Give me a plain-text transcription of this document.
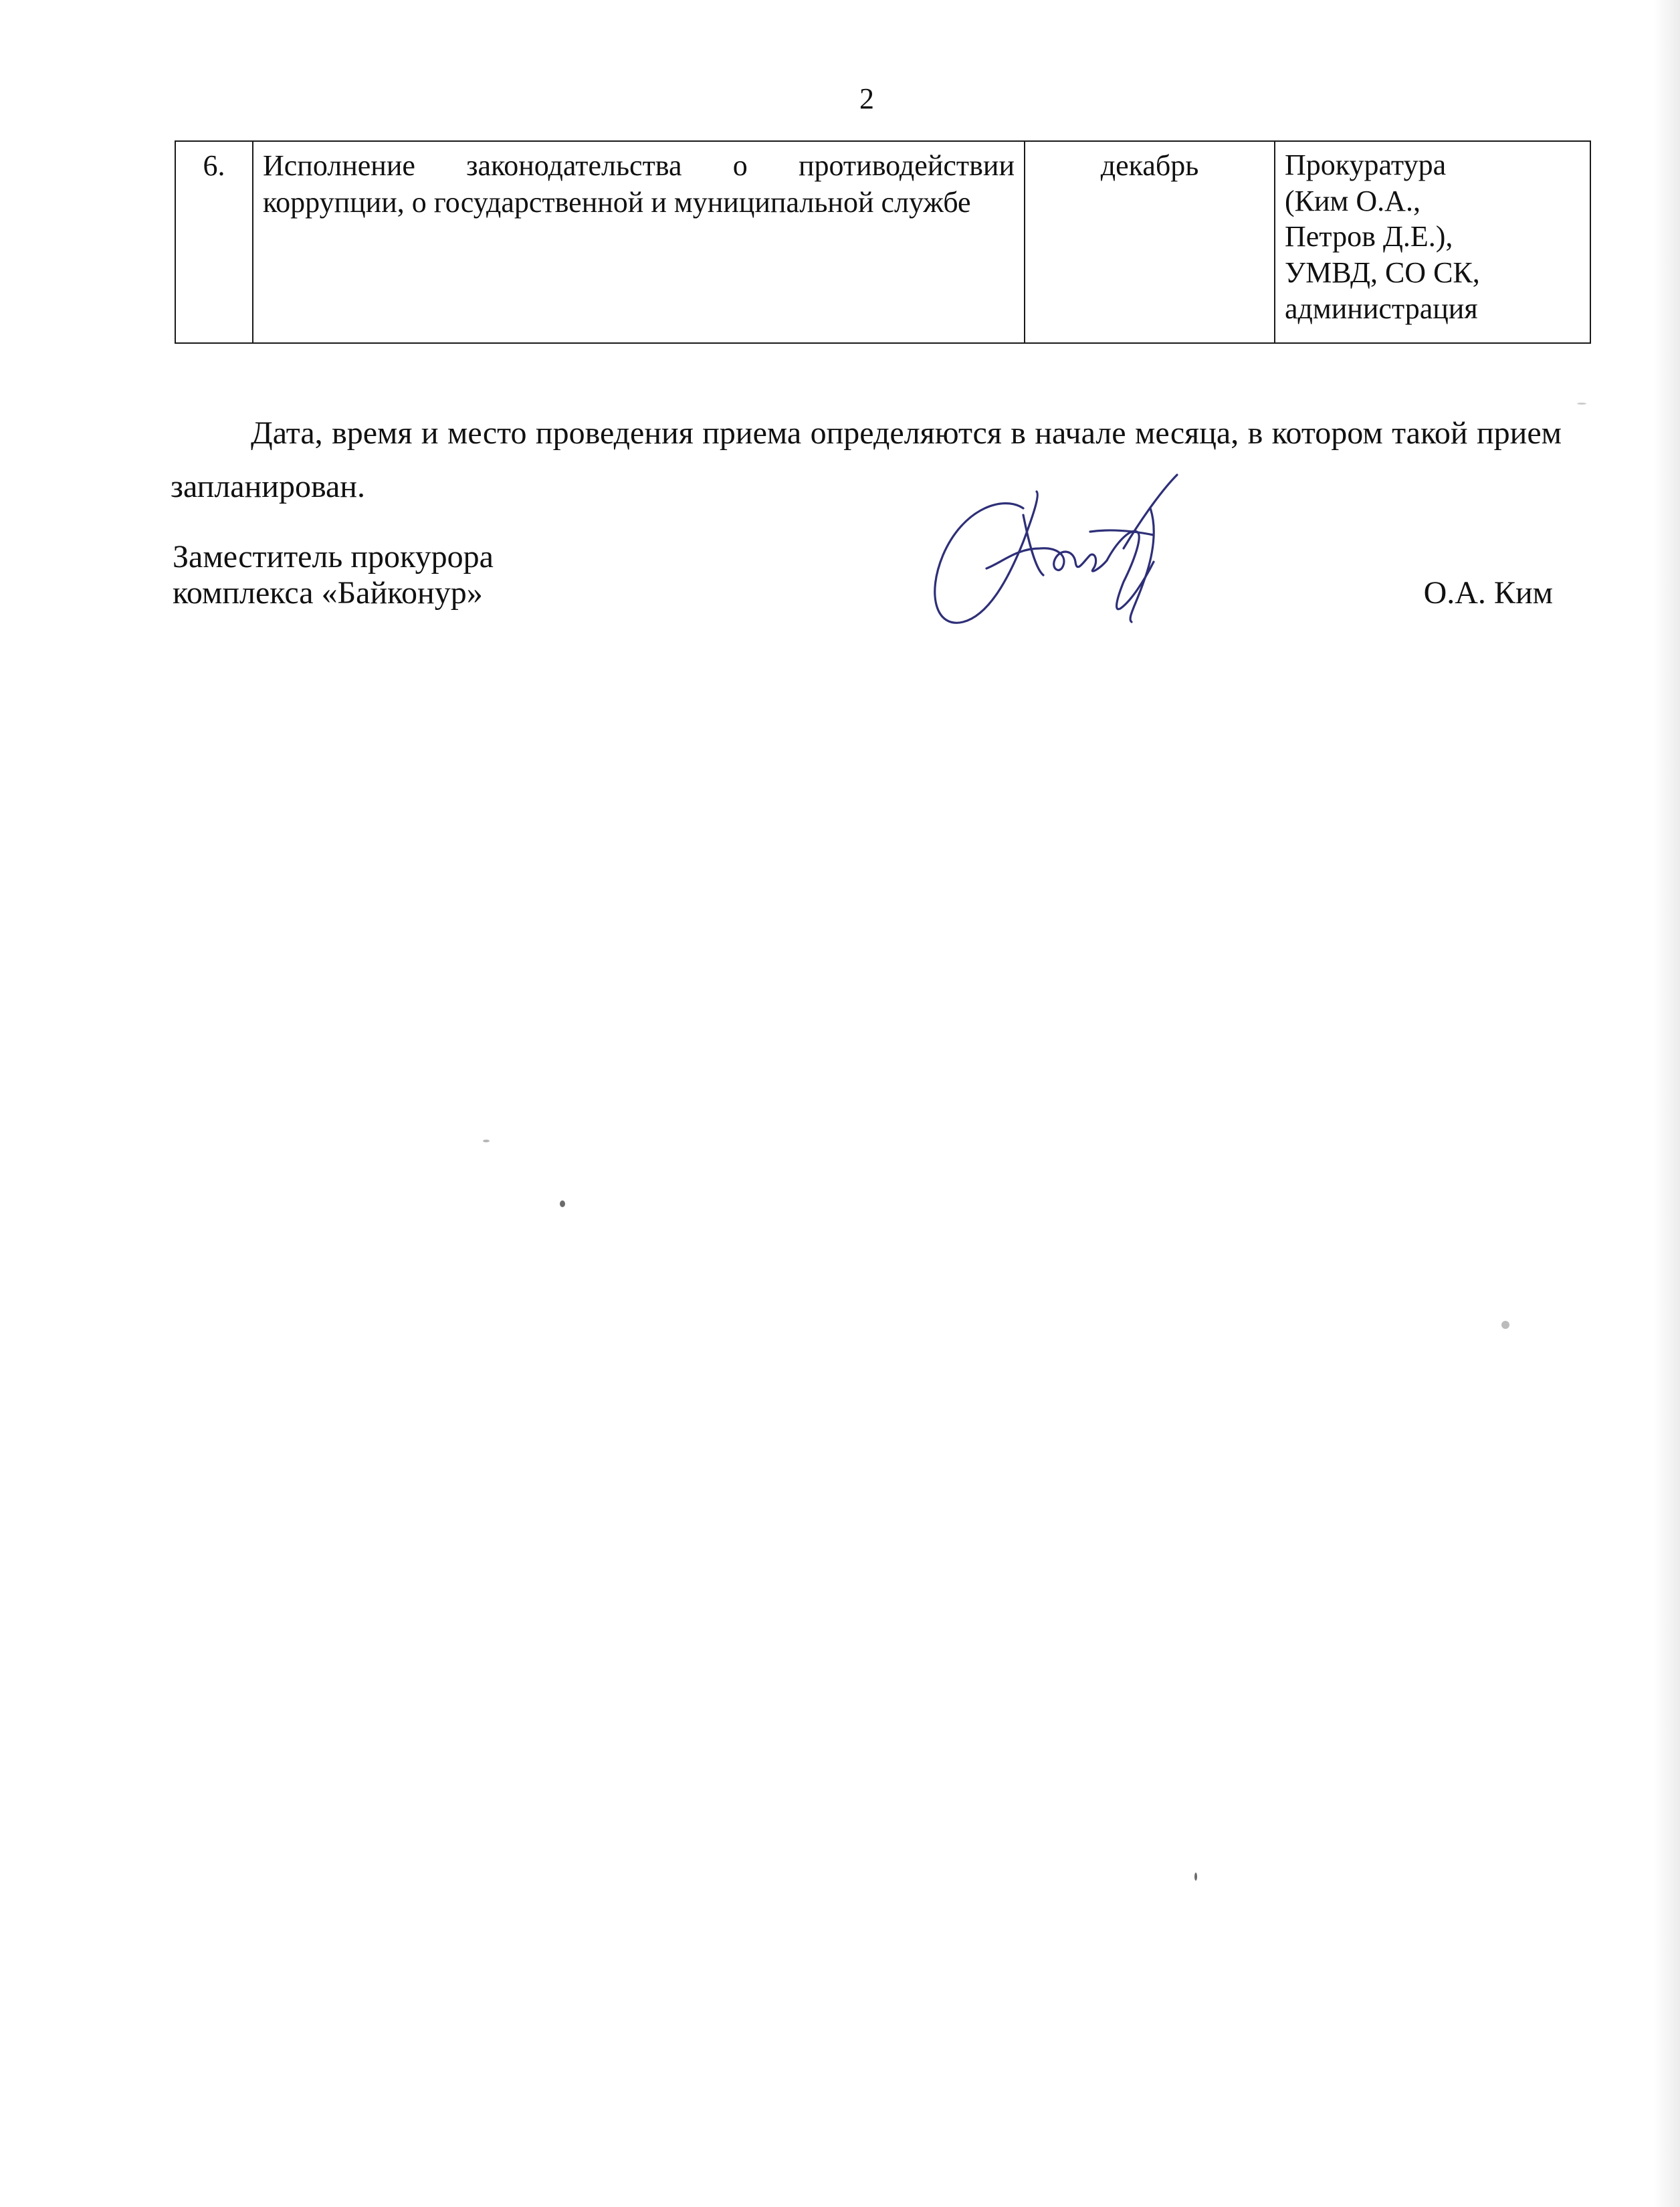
2
6.	Исполнение законодательства о противодействии коррупции, о государственной и муниципальной службе	декабрь	Прокуратура
(Ким О.А.,
Петров Д.Е.),
УМВД, СО СК,
администрация
Дата, время и место проведения приема определяются в начале месяца, в котором такой прием запланирован.
Заместитель прокурора
комплекса «Байконур»	О.А. Ким
